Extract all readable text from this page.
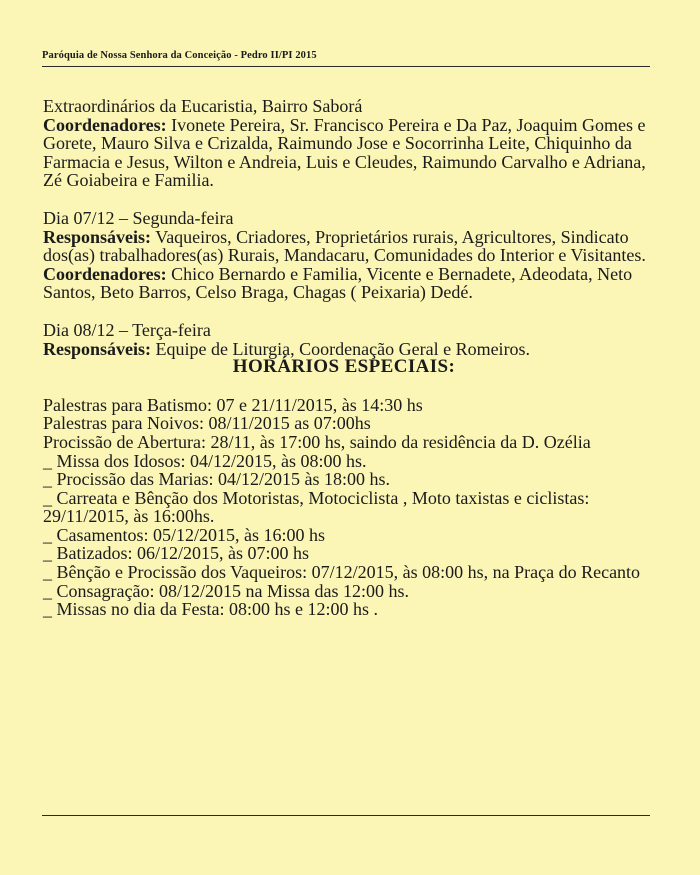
Paróquia de Nossa Senhora da Conceição - Pedro II/PI 2015

Extraordinários da Eucaristia, Bairro Saborá

Coordenadores: Ivonete Pereira, Sr. Francisco Pereira e Da Paz, Joaquim Gomes e Gorete, Mauro Silva e Crizalda, Raimundo Jose e Socorrinha Leite, Chiquinho da Farmacia e Jesus, Wilton e Andreia, Luis e Cleudes, Raimundo Carvalho e Adriana, Zé Goiabeira e Familia.

Dia 07/12 – Segunda-feira

Responsáveis: Vaqueiros, Criadores, Proprietários rurais, Agricultores, Sindicato dos(as) trabalhadores(as) Rurais, Mandacaru, Comunidades do Interior e Visitantes.

Coordenadores: Chico Bernardo e Familia, Vicente e Bernadete, Adeodata, Neto Santos, Beto Barros, Celso Braga, Chagas ( Peixaria) Dedé.

Dia 08/12 – Terça-feira

Responsáveis: Equipe de Liturgia, Coordenação Geral e Romeiros.

HORÁRIOS ESPECIAIS:

Palestras para Batismo: 07 e 21/11/2015, às 14:30 hs

Palestras para Noivos: 08/11/2015 as 07:00hs

Procissão de Abertura: 28/11, às 17:00 hs, saindo da residência da D. Ozélia

_ Missa dos Idosos: 04/12/2015, às 08:00 hs.

_ Procissão das Marias: 04/12/2015 às 18:00 hs.

_ Carreata e Bênção dos Motoristas, Motociclista , Moto taxistas e ciclistas: 29/11/2015, às 16:00hs.

_ Casamentos: 05/12/2015, às 16:00 hs

_ Batizados: 06/12/2015, às 07:00 hs

_ Bênção e Procissão dos Vaqueiros: 07/12/2015, às 08:00 hs, na Praça do Recanto

_ Consagração: 08/12/2015 na Missa das 12:00 hs.

_ Missas no dia da Festa: 08:00 hs e 12:00 hs .
